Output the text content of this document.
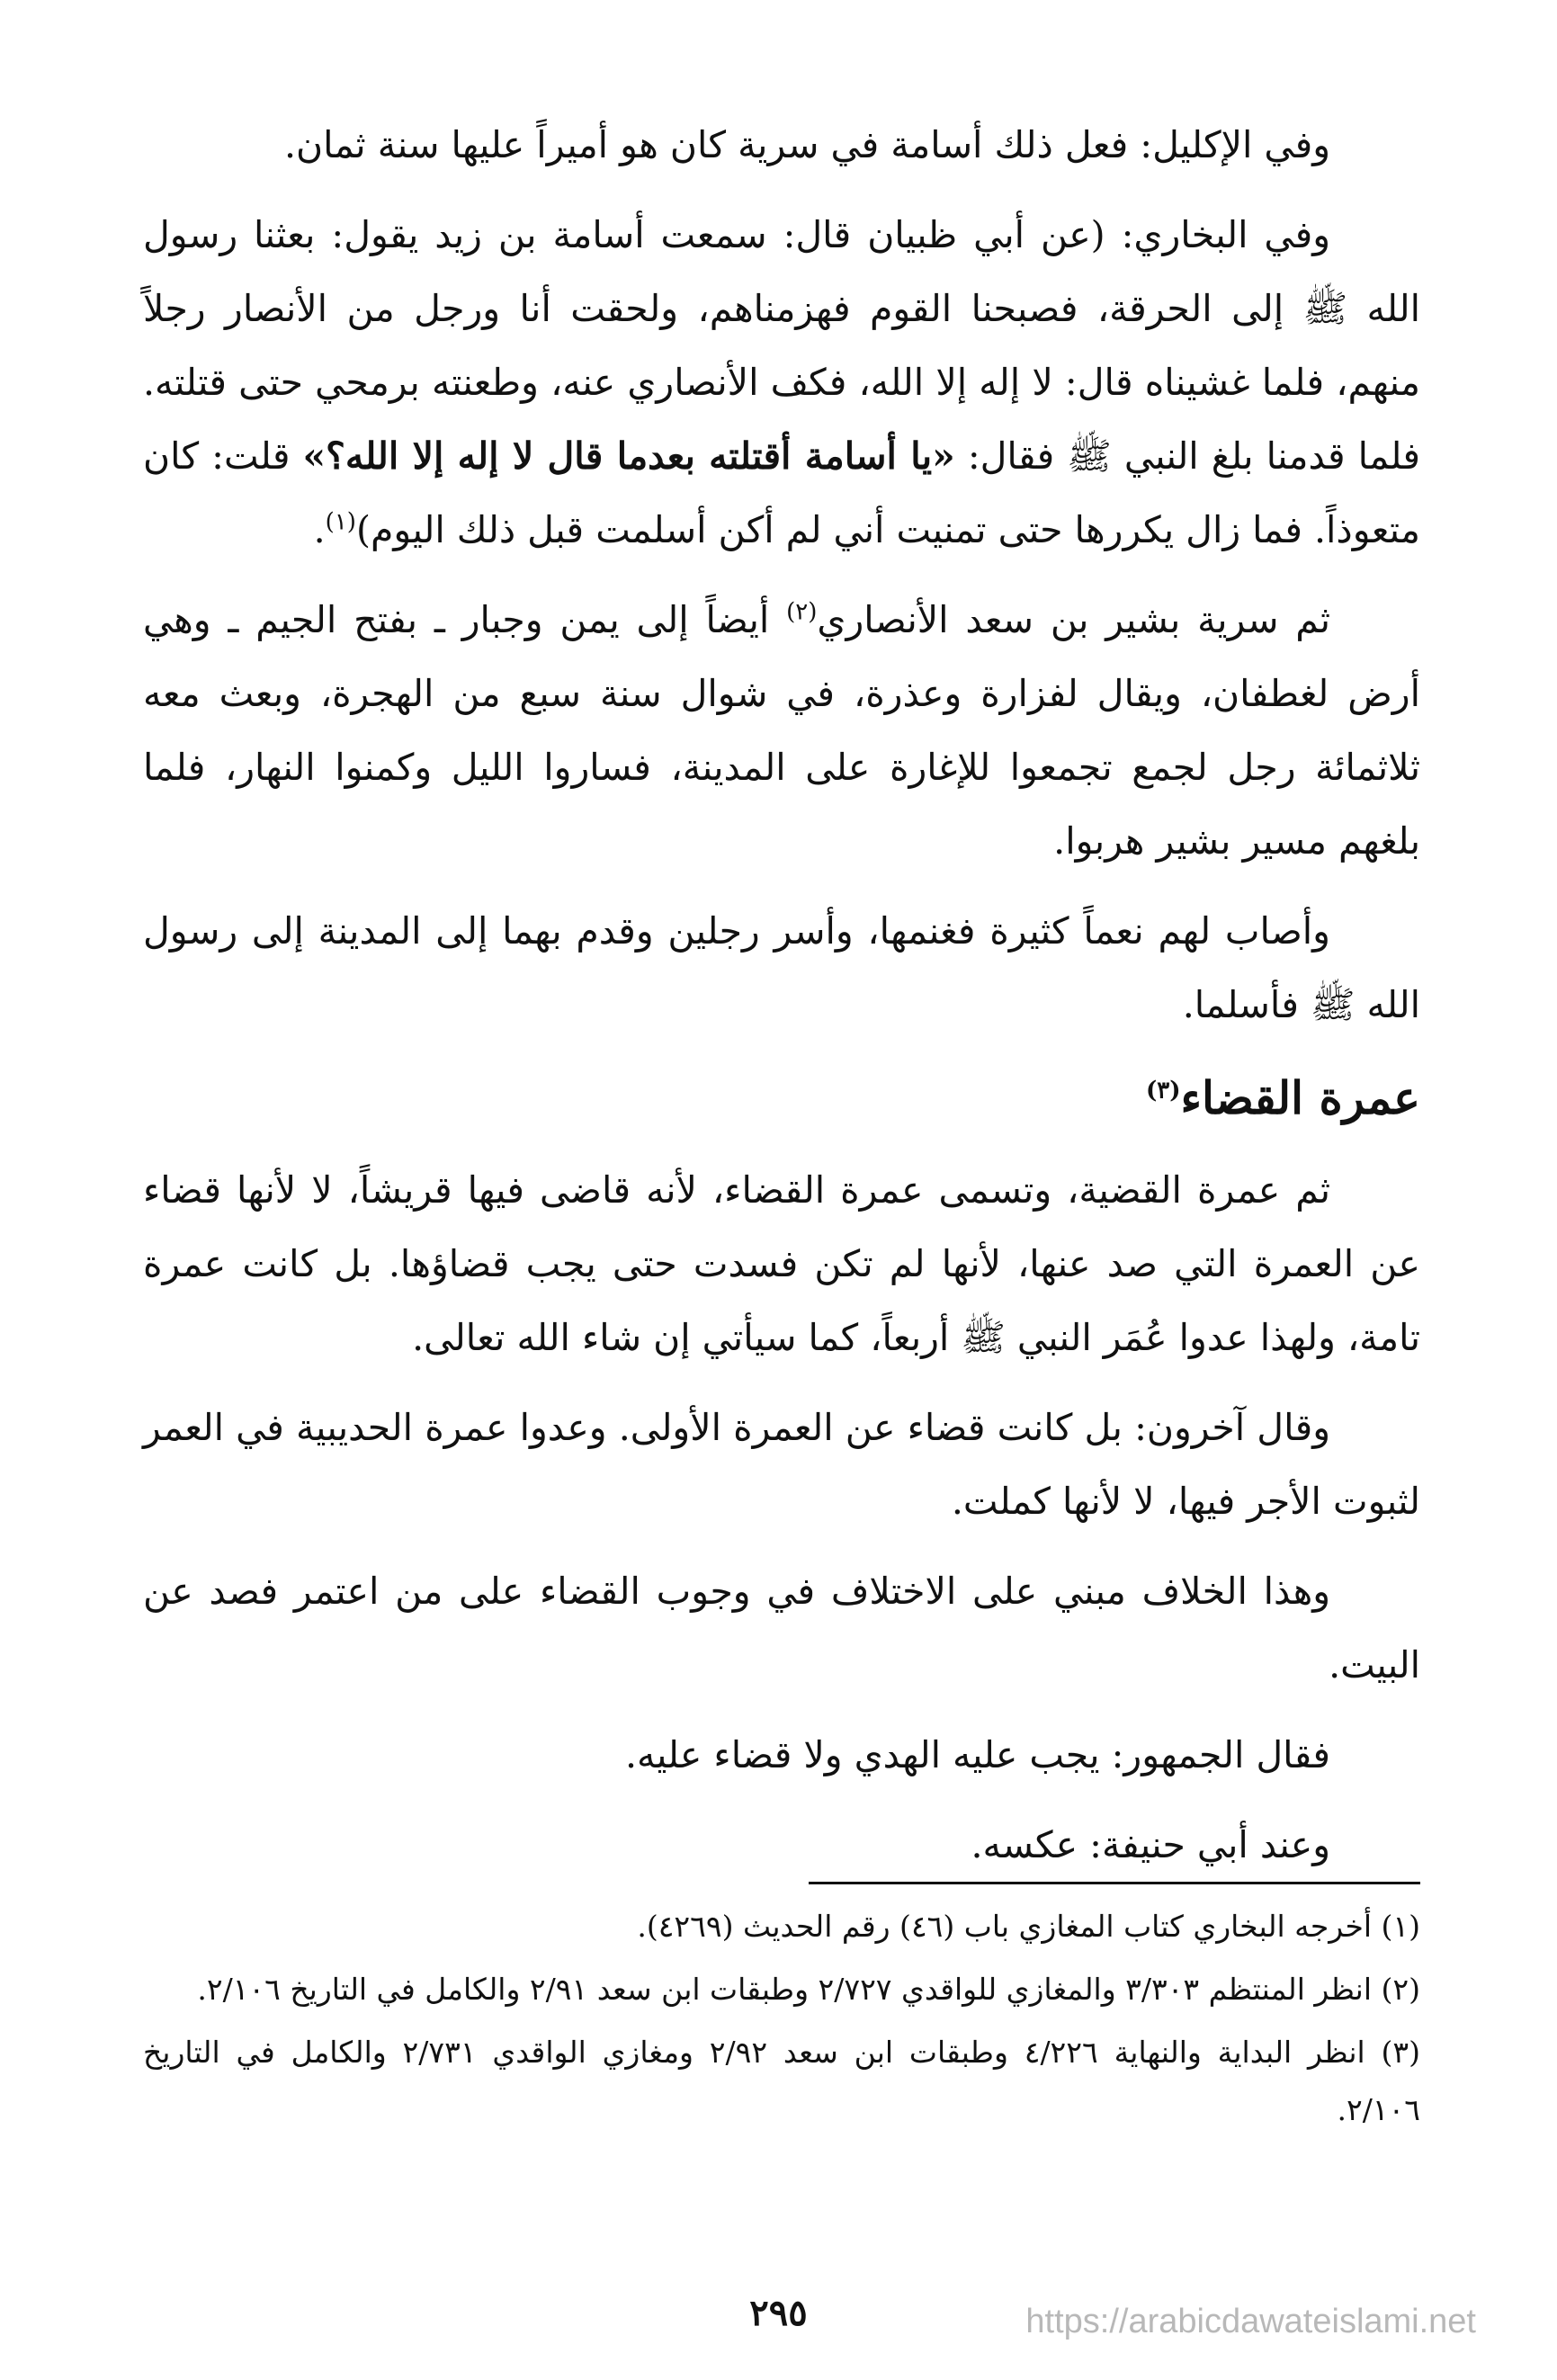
وفي الإكليل: فعل ذلك أسامة في سرية كان هو أميراً عليها سنة ثمان.

وفي البخاري: (عن أبي ظبيان قال: سمعت أسامة بن زيد يقول: بعثنا رسول الله ﷺ إلى الحرقة، فصبحنا القوم فهزمناهم، ولحقت أنا ورجل من الأنصار رجلاً منهم، فلما غشيناه قال: لا إله إلا الله، فكف الأنصاري عنه، وطعنته برمحي حتى قتلته. فلما قدمنا بلغ النبي ﷺ فقال: «يا أسامة أقتلته بعدما قال لا إله إلا الله؟» قلت: كان متعوذاً. فما زال يكررها حتى تمنيت أني لم أكن أسلمت قبل ذلك اليوم)$^{(١)}$.

ثم سرية بشير بن سعد الأنصاري$^{(٢)}$ أيضاً إلى يمن وجبار ـ بفتح الجيم ـ وهي أرض لغطفان، ويقال لفزارة وعذرة، في شوال سنة سبع من الهجرة، وبعث معه ثلاثمائة رجل لجمع تجمعوا للإغارة على المدينة، فساروا الليل وكمنوا النهار، فلما بلغهم مسير بشير هربوا.

وأصاب لهم نعماً كثيرة فغنمها، وأسر رجلين وقدم بهما إلى المدينة إلى رسول الله ﷺ فأسلما.

عمرة القضاء$^{(٣)}$

ثم عمرة القضية، وتسمى عمرة القضاء، لأنه قاضى فيها قريشاً، لا لأنها قضاء عن العمرة التي صد عنها، لأنها لم تكن فسدت حتى يجب قضاؤها. بل كانت عمرة تامة، ولهذا عدوا عُمَر النبي ﷺ أربعاً، كما سيأتي إن شاء الله تعالى.

وقال آخرون: بل كانت قضاء عن العمرة الأولى. وعدوا عمرة الحديبية في العمر لثبوت الأجر فيها، لا لأنها كملت.

وهذا الخلاف مبني على الاختلاف في وجوب القضاء على من اعتمر فصد عن البيت.

فقال الجمهور: يجب عليه الهدي ولا قضاء عليه.

وعند أبي حنيفة: عكسه.

(١) أخرجه البخاري كتاب المغازي باب (٤٦) رقم الحديث (٤٢٦٩).

(٢) انظر المنتظم ٣/٣٠٣ والمغازي للواقدي ٢/٧٢٧ وطبقات ابن سعد ٢/٩١ والكامل في التاريخ ٢/١٠٦.

(٣) انظر البداية والنهاية ٤/٢٢٦ وطبقات ابن سعد ٢/٩٢ ومغازي الواقدي ٢/٧٣١ والكامل في التاريخ ٢/١٠٦.

٢٩٥	https://arabicdawateislami.net
